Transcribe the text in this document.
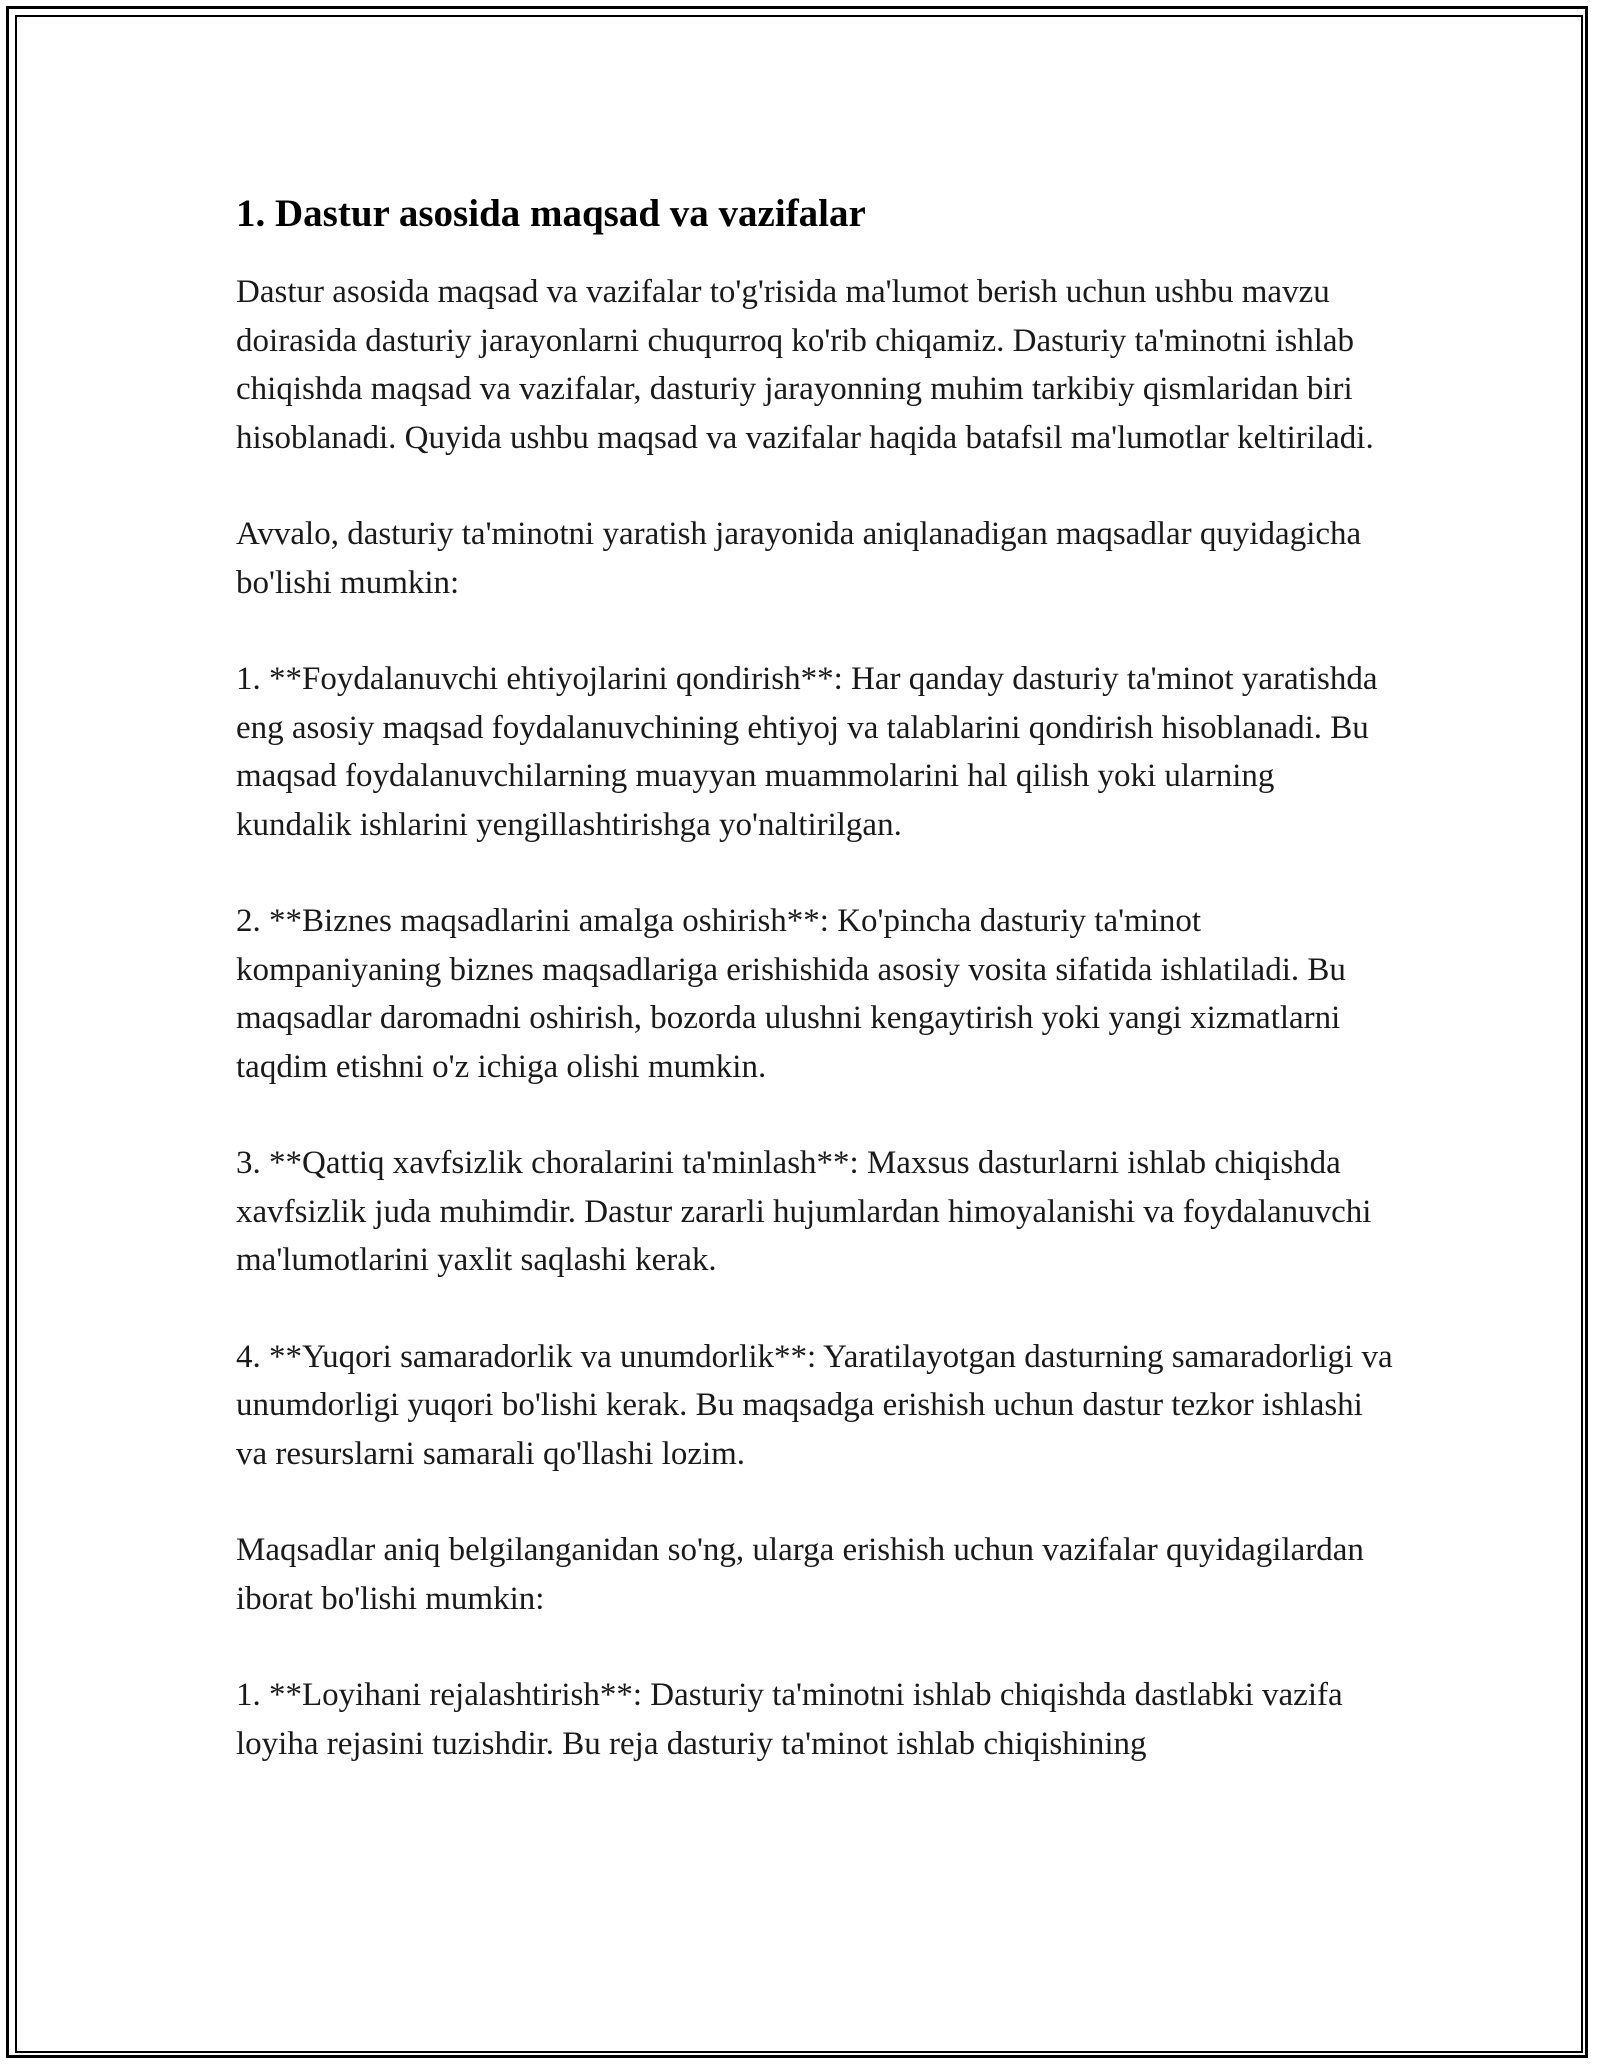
1. Dastur asosida maqsad va vazifalar

Dastur asosida maqsad va vazifalar to'g'risida ma'lumot berish uchun ushbu mavzu doirasida dasturiy jarayonlarni chuqurroq ko'rib chiqamiz. Dasturiy ta'minotni ishlab chiqishda maqsad va vazifalar, dasturiy jarayonning muhim tarkibiy qismlaridan biri hisoblanadi. Quyida ushbu maqsad va vazifalar haqida batafsil ma'lumotlar keltiriladi.

Avvalo, dasturiy ta'minotni yaratish jarayonida aniqlanadigan maqsadlar quyidagicha bo'lishi mumkin:

1. **Foydalanuvchi ehtiyojlarini qondirish**: Har qanday dasturiy ta'minot yaratishda eng asosiy maqsad foydalanuvchining ehtiyoj va talablarini qondirish hisoblanadi. Bu maqsad foydalanuvchilarning muayyan muammolarini hal qilish yoki ularning kundalik ishlarini yengillashtirishga yo'naltirilgan.

2. **Biznes maqsadlarini amalga oshirish**: Ko'pincha dasturiy ta'minot kompaniyaning biznes maqsadlariga erishishida asosiy vosita sifatida ishlatiladi. Bu maqsadlar daromadni oshirish, bozorda ulushni kengaytirish yoki yangi xizmatlarni taqdim etishni o'z ichiga olishi mumkin.

3. **Qattiq xavfsizlik choralarini ta'minlash**: Maxsus dasturlarni ishlab chiqishda xavfsizlik juda muhimdir. Dastur zararli hujumlardan himoyalanishi va foydalanuvchi ma'lumotlarini yaxlit saqlashi kerak.

4. **Yuqori samaradorlik va unumdorlik**: Yaratilayotgan dasturning samaradorligi va unumdorligi yuqori bo'lishi kerak. Bu maqsadga erishish uchun dastur tezkor ishlashi va resurslarni samarali qo'llashi lozim.

Maqsadlar aniq belgilanganidan so'ng, ularga erishish uchun vazifalar quyidagilardan iborat bo'lishi mumkin:

1. **Loyihani rejalashtirish**: Dasturiy ta'minotni ishlab chiqishda dastlabki vazifa loyiha rejasini tuzishdir. Bu reja dasturiy ta'minot ishlab chiqishining
